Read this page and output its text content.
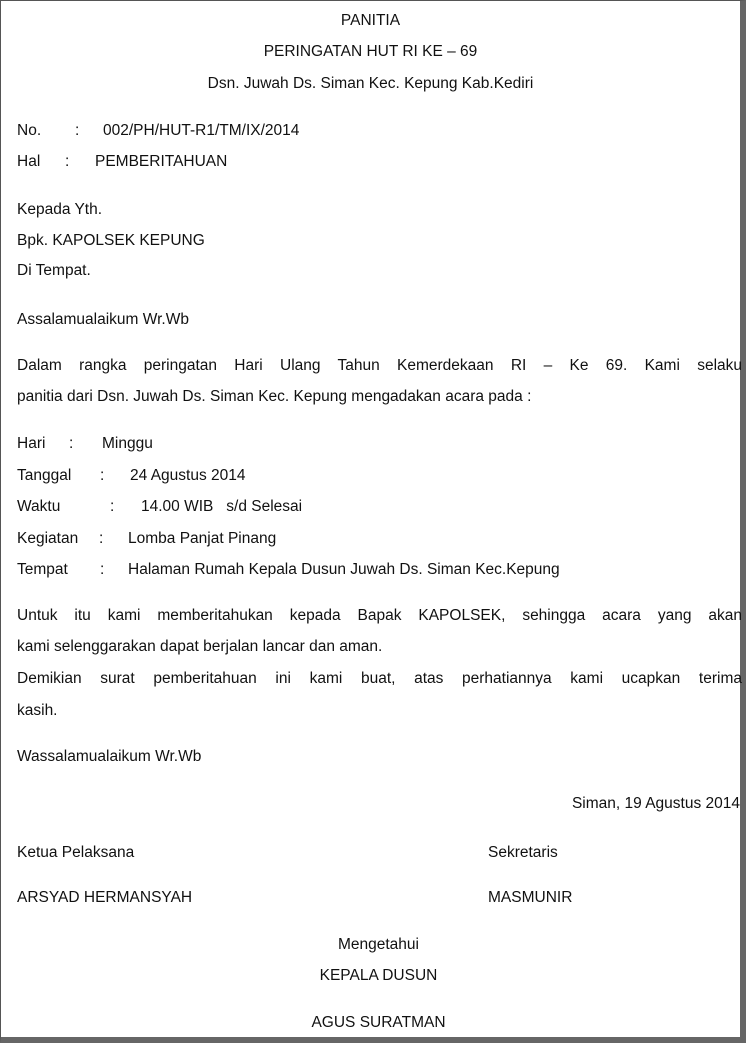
PANITIA
PERINGATAN HUT RI KE – 69
Dsn. Juwah Ds. Siman Kec. Kepung Kab.Kediri
No. : 002/PH/HUT-R1/TM/IX/2014
Hal : PEMBERITAHUAN
Kepada Yth.
Bpk. KAPOLSEK KEPUNG
Di Tempat.
Assalamualaikum Wr.Wb
Dalam rangka peringatan Hari Ulang Tahun Kemerdekaan RI – Ke 69. Kami selaku
panitia dari Dsn. Juwah Ds. Siman Kec. Kepung mengadakan acara pada :
Hari : Minggu
Tanggal : 24 Agustus 2014
Waktu	: 14.00 WIB   s/d Selesai
Kegiatan : Lomba Panjat Pinang
Tempat : Halaman Rumah Kepala Dusun Juwah Ds. Siman Kec.Kepung
Untuk itu kami memberitahukan kepada Bapak KAPOLSEK, sehingga acara yang akan
kami selenggarakan dapat berjalan lancar dan aman.
Demikian surat pemberitahuan ini kami buat, atas perhatiannya kami ucapkan terima
kasih.
Wassalamualaikum Wr.Wb
Siman, 19 Agustus 2014
Ketua Pelaksana	Sekretaris
ARSYAD HERMANSYAH	MASMUNIR
Mengetahui
KEPALA DUSUN
AGUS SURATMAN
